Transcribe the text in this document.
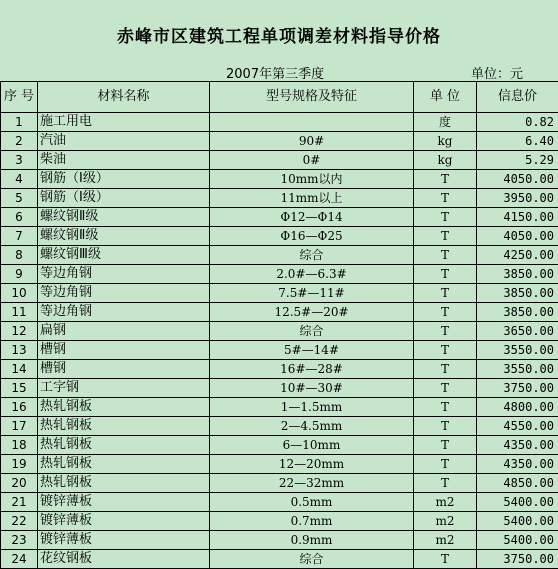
赤峰市区建筑工程单项调差材料指导价格
2007年第三季度	单位：元
序 号	材料名称	型号规格及特征	单 位	信息价
1	施工用电		度	0.82
2	汽油	90#	kg	6.40
3	柴油	0#	kg	5.29
4	钢筋（Ⅰ级）	10mm以内	T	4050.00
5	钢筋（Ⅰ级）	11mm以上	T	3950.00
6	螺纹钢Ⅱ级	Φ12—Φ14	T	4150.00
7	螺纹钢Ⅱ级	Φ16—Φ25	T	4050.00
8	螺纹钢Ⅲ级	综合	T	4250.00
9	等边角钢	2.0#—6.3#	T	3850.00
10	等边角钢	7.5#—11#	T	3850.00
11	等边角钢	12.5#—20#	T	3850.00
12	扁钢	综合	T	3650.00
13	槽钢	5#—14#	T	3550.00
14	槽钢	16#—28#	T	3550.00
15	工字钢	10#—30#	T	3750.00
16	热轧钢板	1—1.5mm	T	4800.00
17	热轧钢板	2—4.5mm	T	4550.00
18	热轧钢板	6—10mm	T	4350.00
19	热轧钢板	12—20mm	T	4350.00
20	热轧钢板	22—32mm	T	4850.00
21	镀锌薄板	0.5mm	m2	5400.00
22	镀锌薄板	0.7mm	m2	5400.00
23	镀锌薄板	0.9mm	m2	5400.00
24	花纹钢板	综合	T	3750.00
